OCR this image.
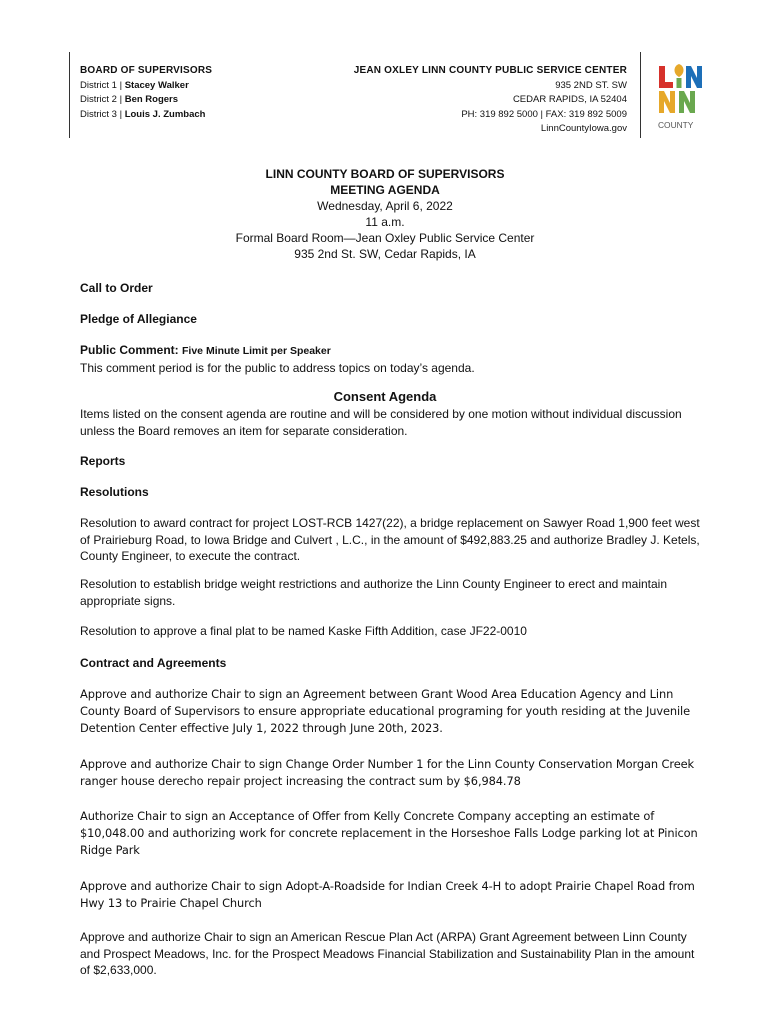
BOARD OF SUPERVISORS
District 1 | Stacey Walker
District 2 | Ben Rogers
District 3 | Louis J. Zumbach
JEAN OXLEY LINN COUNTY PUBLIC SERVICE CENTER
935 2ND ST. SW
CEDAR RAPIDS, IA 52404
PH: 319 892 5000 | FAX: 319 892 5009
LinnCountyIowa.gov	COUNTY
LINN COUNTY BOARD OF SUPERVISORS
MEETING AGENDA
Wednesday, April 6, 2022
11 a.m.
Formal Board Room—Jean Oxley Public Service Center
935 2nd St. SW, Cedar Rapids, IA
Call to Order
Pledge of Allegiance
Public Comment: Five Minute Limit per Speaker
This comment period is for the public to address topics on today’s agenda.
Consent Agenda
Items listed on the consent agenda are routine and will be considered by one motion without individual discussion unless the Board removes an item for separate consideration.
Reports
Resolutions
Resolution to award contract for project LOST-RCB 1427(22), a bridge replacement on Sawyer Road 1,900 feet west of Prairieburg Road, to Iowa Bridge and Culvert , L.C., in the amount of $492,883.25 and authorize Bradley J. Ketels, County Engineer, to execute the contract.
Resolution to establish bridge weight restrictions and authorize the Linn County Engineer to erect and maintain appropriate signs.
Resolution to approve a final plat to be named Kaske Fifth Addition, case JF22-0010
Contract and Agreements
Approve and authorize Chair to sign an Agreement between Grant Wood Area Education Agency and Linn County Board of Supervisors to ensure appropriate educational programing for youth residing at the Juvenile Detention Center effective July 1, 2022 through June 20th, 2023.
Approve and authorize Chair to sign Change Order Number 1 for the Linn County Conservation Morgan Creek ranger house derecho repair project increasing the contract sum by $6,984.78
Authorize Chair to sign an Acceptance of Offer from Kelly Concrete Company accepting an estimate of $10,048.00 and authorizing work for concrete replacement in the Horseshoe Falls Lodge parking lot at Pinicon Ridge Park
Approve and authorize Chair to sign Adopt-A-Roadside for Indian Creek 4-H to adopt Prairie Chapel Road from Hwy 13 to Prairie Chapel Church
Approve and authorize Chair to sign an American Rescue Plan Act (ARPA) Grant Agreement between Linn County and Prospect Meadows, Inc. for the Prospect Meadows Financial Stabilization and Sustainability Plan in the amount of $2,633,000.
